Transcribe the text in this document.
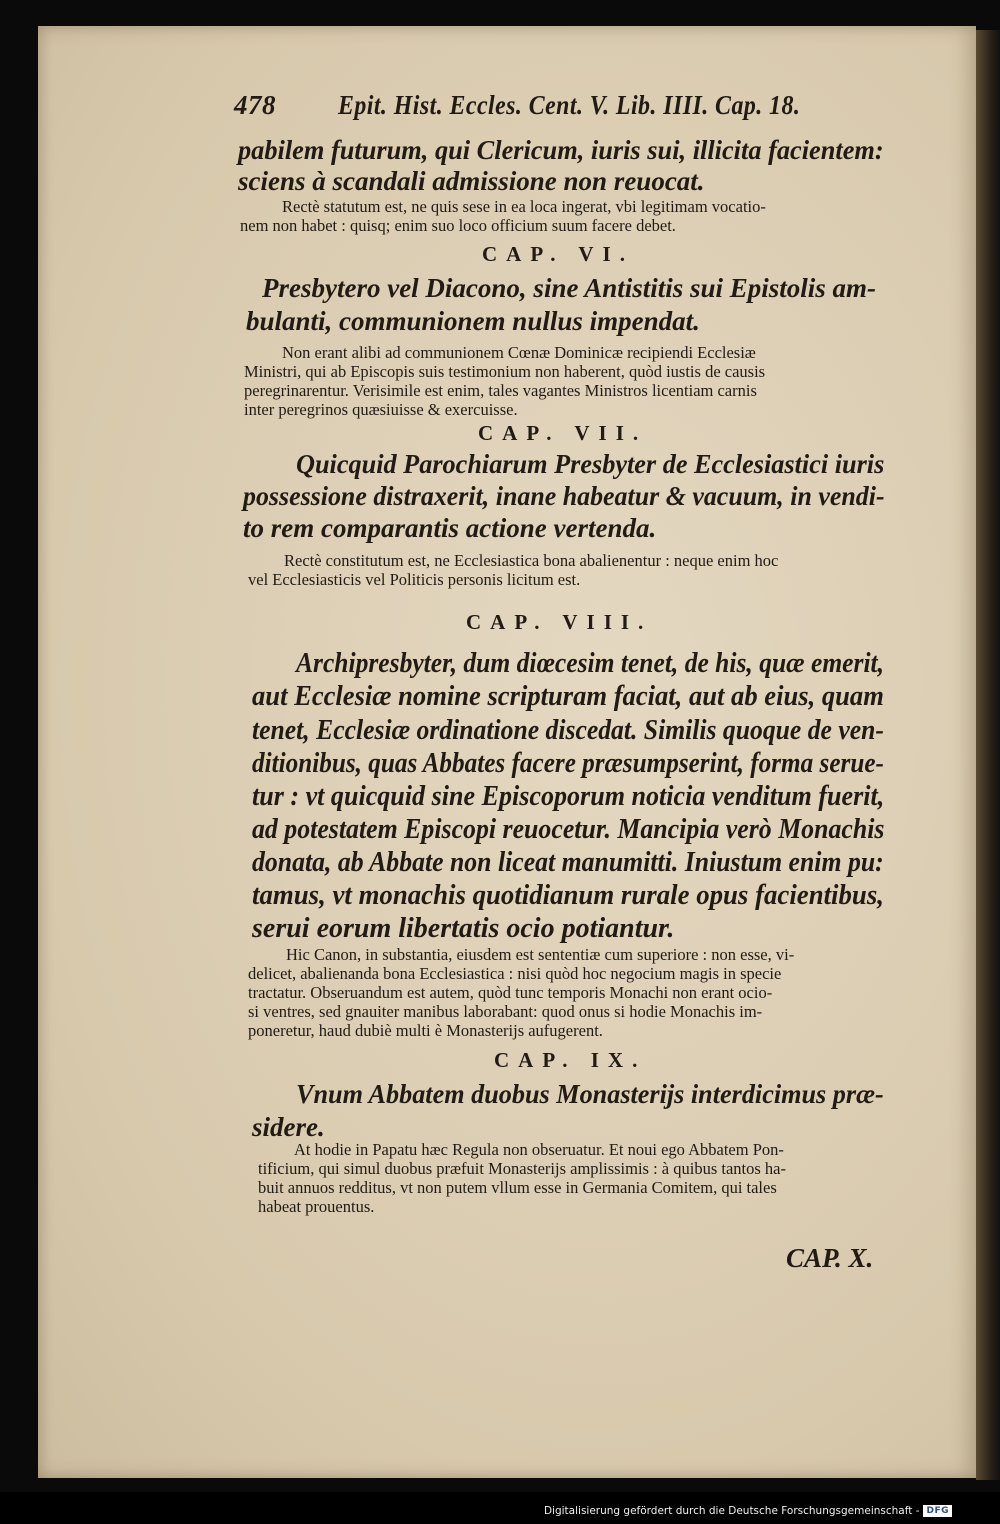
478 Epit. Hist. Eccles. Cent. V. Lib. IIII. Cap. 18.
pabilem futurum, qui Clericum, iuris sui, illicita facientem:
sciens à scandali admissione non reuocat.
Rectè statutum est, ne quis sese in ea loca ingerat, vbi legitimam vocatio-
nem non habet : quisq; enim suo loco officium suum facere debet.
CAP. VI.
Presbytero vel Diacono, sine Antistitis sui Epistolis am-
bulanti, communionem nullus impendat.
Non erant alibi ad communionem Cœnæ Dominicæ recipiendi Ecclesiæ
Ministri, qui ab Episcopis suis testimonium non haberent, quòd iustis de causis
peregrinarentur. Verisimile est enim, tales vagantes Ministros licentiam carnis
inter peregrinos quæsiuisse & exercuisse.
CAP. VII.
Quicquid Parochiarum Presbyter de Ecclesiastici iuris
possessione distraxerit, inane habeatur & vacuum, in vendi-
to rem comparantis actione vertenda.
Rectè constitutum est, ne Ecclesiastica bona abalienentur : neque enim hoc
vel Ecclesiasticis vel Politicis personis licitum est.
CAP. VIII.
Archipresbyter, dum diœcesim tenet, de his, quæ emerit,
aut Ecclesiæ nomine scripturam faciat, aut ab eius, quam
tenet, Ecclesiæ ordinatione discedat. Similis quoque de ven-
ditionibus, quas Abbates facere præsumpserint, forma serue-
tur : vt quicquid sine Episcoporum noticia venditum fuerit,
ad potestatem Episcopi reuocetur. Mancipia verò Monachis
donata, ab Abbate non liceat manumitti. Iniustum enim pu:
tamus, vt monachis quotidianum rurale opus facientibus,
serui eorum libertatis ocio potiantur.
Hic Canon, in substantia, eiusdem est sententiæ cum superiore : non esse, vi-
delicet, abalienanda bona Ecclesiastica : nisi quòd hoc negocium magis in specie
tractatur. Obseruandum est autem, quòd tunc temporis Monachi non erant ocio-
si ventres, sed gnauiter manibus laborabant: quod onus si hodie Monachis im-
poneretur, haud dubiè multi è Monasterijs aufugerent.
CAP. IX.
Vnum Abbatem duobus Monasterijs interdicimus præ-
sidere.
At hodie in Papatu hæc Regula non obseruatur. Et noui ego Abbatem Pon-
tificium, qui simul duobus præfuit Monasterijs amplissimis : à quibus tantos ha-
buit annuos redditus, vt non putem vllum esse in Germania Comitem, qui tales
habeat prouentus.
CAP. X.
Digitalisierung gefördert durch die Deutsche Forschungsgemeinschaft - DFG
